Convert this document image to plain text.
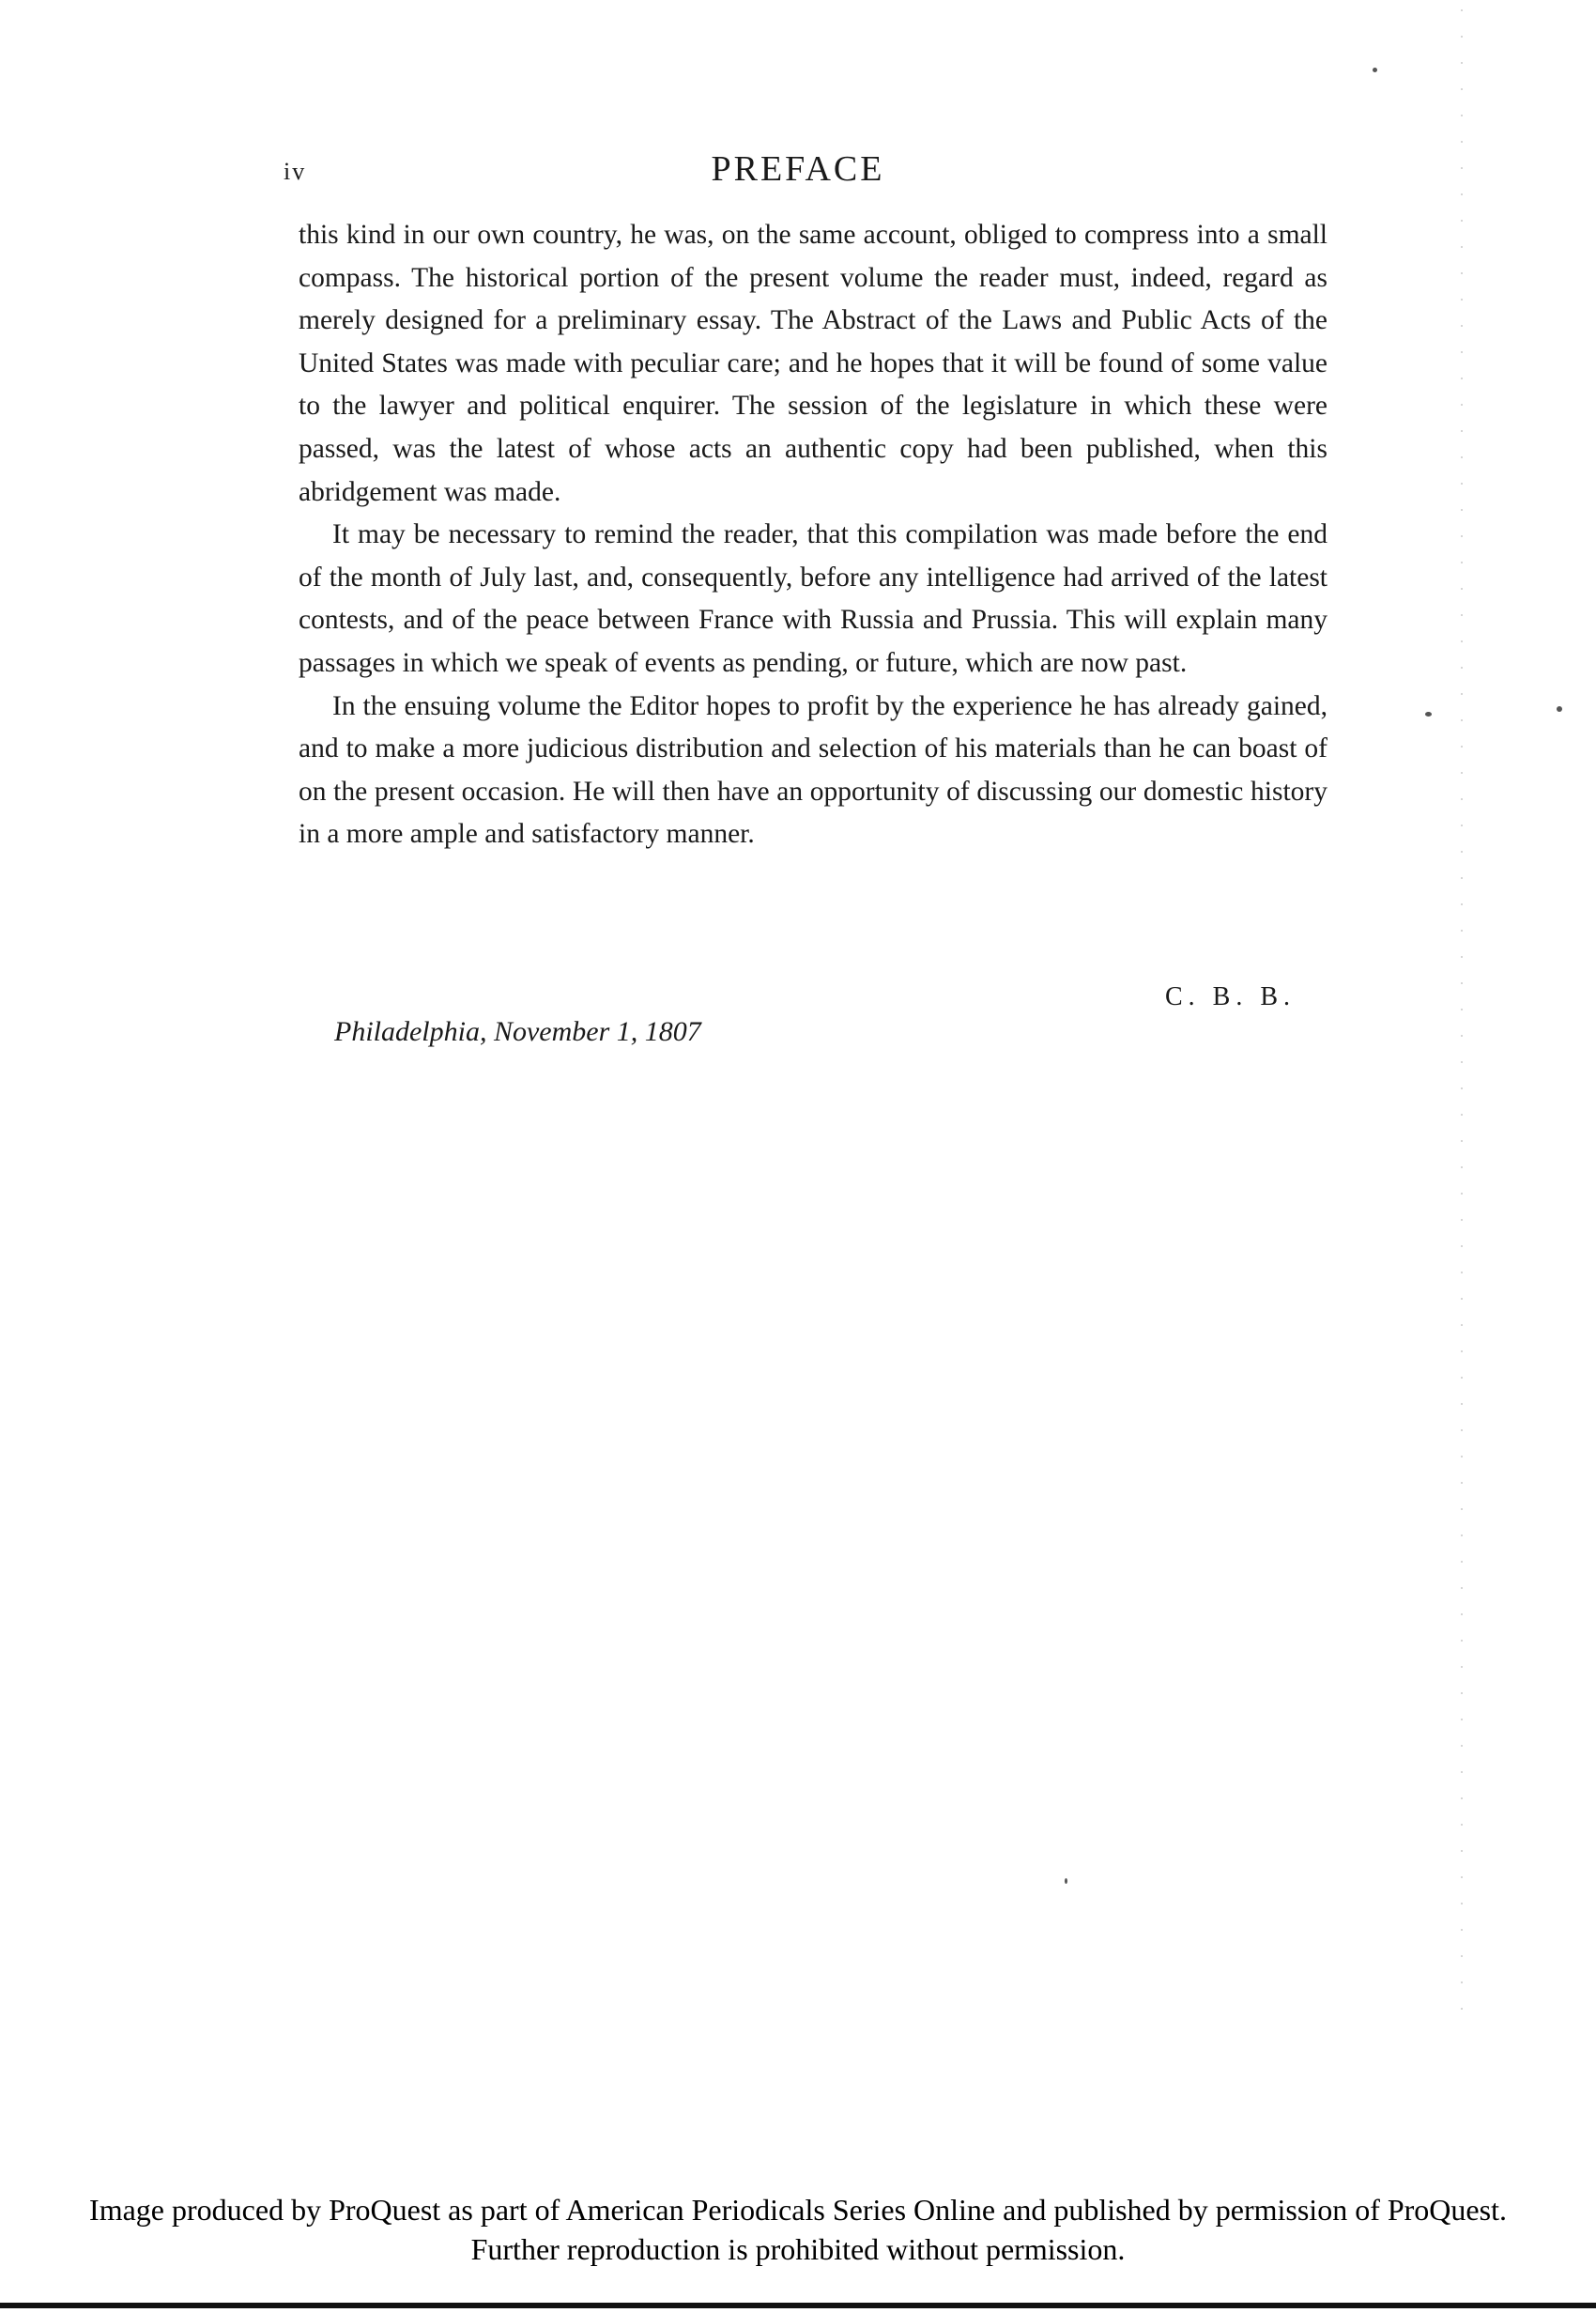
iv	PREFACE

this kind in our own country, he was, on the same account, obliged to compress into a small compass. The historical portion of the present volume the reader must, indeed, regard as merely designed for a preliminary essay. The Abstract of the Laws and Public Acts of the United States was made with peculiar care; and he hopes that it will be found of some value to the lawyer and political enquirer. The session of the legislature in which these were passed, was the latest of whose acts an authentic copy had been published, when this abridgement was made.

It may be necessary to remind the reader, that this compilation was made before the end of the month of July last, and, consequently, before any intelligence had arrived of the latest contests, and of the peace between France with Russia and Prussia. This will explain many passages in which we speak of events as pending, or future, which are now past.

In the ensuing volume the Editor hopes to profit by the experience he has already gained, and to make a more judicious distribution and selection of his materials than he can boast of on the present occasion. He will then have an opportunity of discussing our domestic history in a more ample and satisfactory manner.

C. B. B.
Philadelphia, November 1, 1807
Image produced by ProQuest as part of American Periodicals Series Online and published by permission of ProQuest.
Further reproduction is prohibited without permission.
